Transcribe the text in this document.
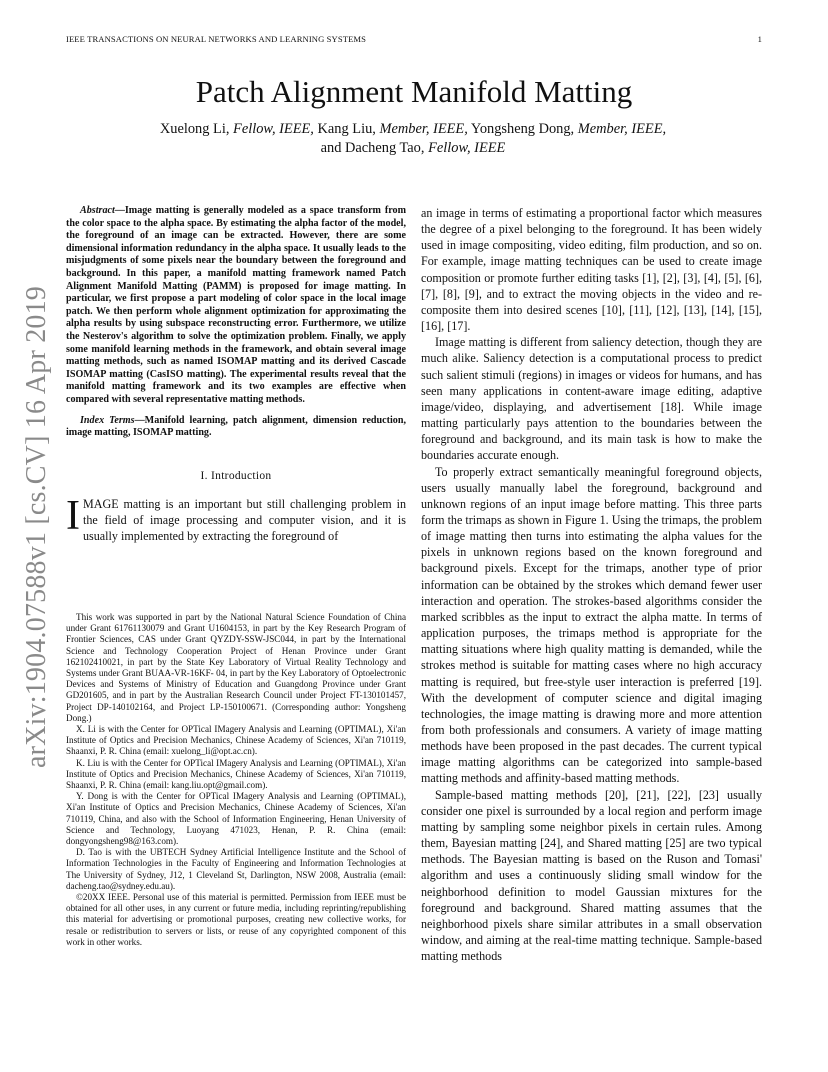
IEEE TRANSACTIONS ON NEURAL NETWORKS AND LEARNING SYSTEMS	1
arXiv:1904.07588v1 [cs.CV] 16 Apr 2019
Patch Alignment Manifold Matting
Xuelong Li, Fellow, IEEE, Kang Liu, Member, IEEE, Yongsheng Dong, Member, IEEE,
and Dacheng Tao, Fellow, IEEE

Abstract—Image matting is generally modeled as a space transform from the color space to the alpha space. By estimating the alpha factor of the model, the foreground of an image can be extracted. However, there are some dimensional information redundancy in the alpha space. It usually leads to the misjudgments of some pixels near the boundary between the foreground and background. In this paper, a manifold matting framework named Patch Alignment Manifold Matting (PAMM) is proposed for image matting. In particular, we first propose a part modeling of color space in the local image patch. We then perform whole alignment optimization for approximating the alpha results by using subspace reconstructing error. Furthermore, we utilize the Nesterov's algorithm to solve the optimization problem. Finally, we apply some manifold learning methods in the framework, and obtain several image matting methods, such as named ISOMAP matting and its derived Cascade ISOMAP matting (CasISO matting). The experimental results reveal that the manifold matting framework and its two examples are effective when compared with several representative matting methods.

Index Terms—Manifold learning, patch alignment, dimension reduction, image matting, ISOMAP matting.

I. Introduction

IMAGE matting is an important but still challenging problem in the field of image processing and computer vision, and it is usually implemented by extracting the foreground of

This work was supported in part by the National Natural Science Foundation of China under Grant 61761130079 and Grant U1604153, in part by the Key Research Program of Frontier Sciences, CAS under Grant QYZDY-SSW-JSC044, in part by the International Science and Technology Cooperation Project of Henan Province under Grant 162102410021, in part by the State Key Laboratory of Virtual Reality Technology and Systems under Grant BUAA-VR-16KF- 04, in part by the Key Laboratory of Optoelectronic Devices and Systems of Ministry of Education and Guangdong Province under Grant GD201605, and in part by the Australian Research Council under Project FT-130101457, Project DP-140102164, and Project LP-150100671. (Corresponding author: Yongsheng Dong.)

X. Li is with the Center for OPTical IMagery Analysis and Learning (OPTIMAL), Xi'an Institute of Optics and Precision Mechanics, Chinese Academy of Sciences, Xi'an 710119, Shaanxi, P. R. China (email: xuelong_li@opt.ac.cn).

K. Liu is with the Center for OPTical IMagery Analysis and Learning (OPTIMAL), Xi'an Institute of Optics and Precision Mechanics, Chinese Academy of Sciences, Xi'an 710119, Shaanxi, P. R. China (email: kang.liu.opt@gmail.com).

Y. Dong is with the Center for OPTical IMagery Analysis and Learning (OPTIMAL), Xi'an Institute of Optics and Precision Mechanics, Chinese Academy of Sciences, Xi'an 710119, China, and also with the School of Information Engineering, Henan University of Science and Technology, Luoyang 471023, Henan, P. R. China (email: dongyongsheng98@163.com).

D. Tao is with the UBTECH Sydney Artificial Intelligence Institute and the School of Information Technologies in the Faculty of Engineering and Information Technologies at The University of Sydney, J12, 1 Cleveland St, Darlington, NSW 2008, Australia (email: dacheng.tao@sydney.edu.au).

©20XX IEEE. Personal use of this material is permitted. Permission from IEEE must be obtained for all other uses, in any current or future media, including reprinting/republishing this material for advertising or promotional purposes, creating new collective works, for resale or redistribution to servers or lists, or reuse of any copyrighted component of this work in other works.

an image in terms of estimating a proportional factor which measures the degree of a pixel belonging to the foreground. It has been widely used in image compositing, video editing, film production, and so on. For example, image matting techniques can be used to create image composition or promote further editing tasks [1], [2], [3], [4], [5], [6], [7], [8], [9], and to extract the moving objects in the video and re-composite them into desired scenes [10], [11], [12], [13], [14], [15], [16], [17].

Image matting is different from saliency detection, though they are much alike. Saliency detection is a computational process to predict such salient stimuli (regions) in images or videos for humans, and has seen many applications in content-aware image editing, adaptive image/video, displaying, and advertisement [18]. While image matting particularly pays attention to the boundaries between the foreground and background, and its main task is how to make the boundaries accurate enough.

To properly extract semantically meaningful foreground objects, users usually manually label the foreground, background and unknown regions of an input image before matting. This three parts form the trimaps as shown in Figure 1. Using the trimaps, the problem of image matting then turns into estimating the alpha values for the pixels in unknown regions based on the known foreground and background pixels. Except for the trimaps, another type of prior information can be obtained by the strokes which demand fewer user interaction and operation. The strokes-based algorithms consider the marked scribbles as the input to extract the alpha matte. In terms of application purposes, the trimaps method is appropriate for the matting situations where high quality matting is demanded, while the strokes method is suitable for matting cases where no high accuracy matting is required, but free-style user interaction is preferred [19]. With the development of computer science and digital imaging technologies, the image matting is drawing more and more attention from both professionals and consumers. A variety of image matting methods have been proposed in the past decades. The current typical image matting algorithms can be categorized into sample-based matting methods and affinity-based matting methods.

Sample-based matting methods [20], [21], [22], [23] usually consider one pixel is surrounded by a local region and perform image matting by sampling some neighbor pixels in certain rules. Among them, Bayesian matting [24], and Shared matting [25] are two typical methods. The Bayesian matting is based on the Ruson and Tomasi' algorithm and uses a continuously sliding small window for the neighborhood definition to model Gaussian mixtures for the foreground and background. Shared matting assumes that the neighborhood pixels share similar attributes in a small observation window, and aiming at the real-time matting technique. Sample-based matting methods
